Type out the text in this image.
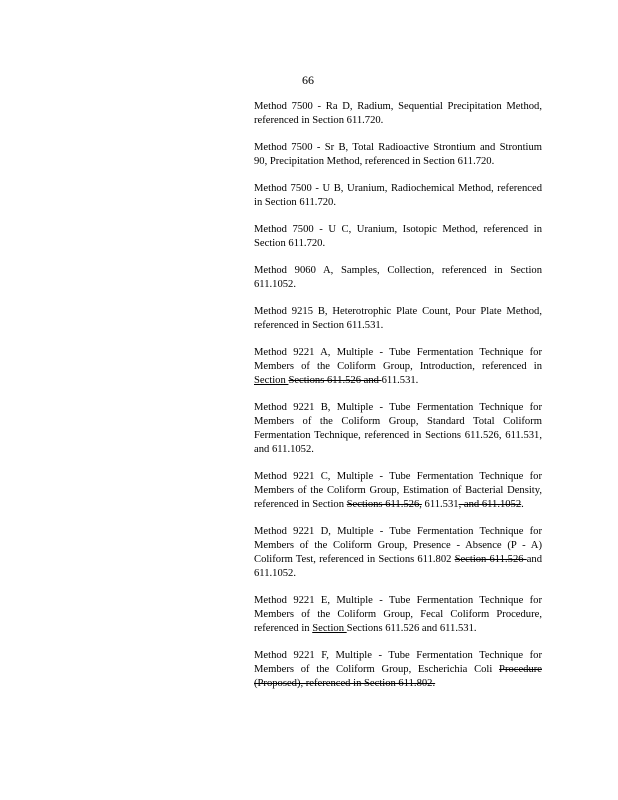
66

Method 7500 - Ra D, Radium, Sequential Precipitation Method, referenced in Section 611.720.

Method 7500 - Sr B, Total Radioactive Strontium and Strontium 90, Precipitation Method, referenced in Section 611.720.

Method 7500 - U B, Uranium, Radiochemical Method, referenced in Section 611.720.

Method 7500 - U C, Uranium, Isotopic Method, referenced in Section 611.720.

Method 9060 A, Samples, Collection, referenced in Section 611.1052.

Method 9215 B, Heterotrophic Plate Count, Pour Plate Method, referenced in Section 611.531.

Method 9221 A, Multiple - Tube Fermentation Technique for Members of the Coliform Group, Introduction, referenced in Section Sections 611.526 and 611.531.

Method 9221 B, Multiple - Tube Fermentation Technique for Members of the Coliform Group, Standard Total Coliform Fermentation Technique, referenced in Sections 611.526, 611.531, and 611.1052.

Method 9221 C, Multiple - Tube Fermentation Technique for Members of the Coliform Group, Estimation of Bacterial Density, referenced in Section Sections 611.526, 611.531, and 611.1052.

Method 9221 D, Multiple - Tube Fermentation Technique for Members of the Coliform Group, Presence - Absence (P - A) Coliform Test, referenced in Sections 611.802 Section 611.526 and 611.1052.

Method 9221 E, Multiple - Tube Fermentation Technique for Members of the Coliform Group, Fecal Coliform Procedure, referenced in Section Sections 611.526 and 611.531.

Method 9221 F, Multiple - Tube Fermentation Technique for Members of the Coliform Group, Escherichia Coli Procedure (Proposed), referenced in Section 611.802.
